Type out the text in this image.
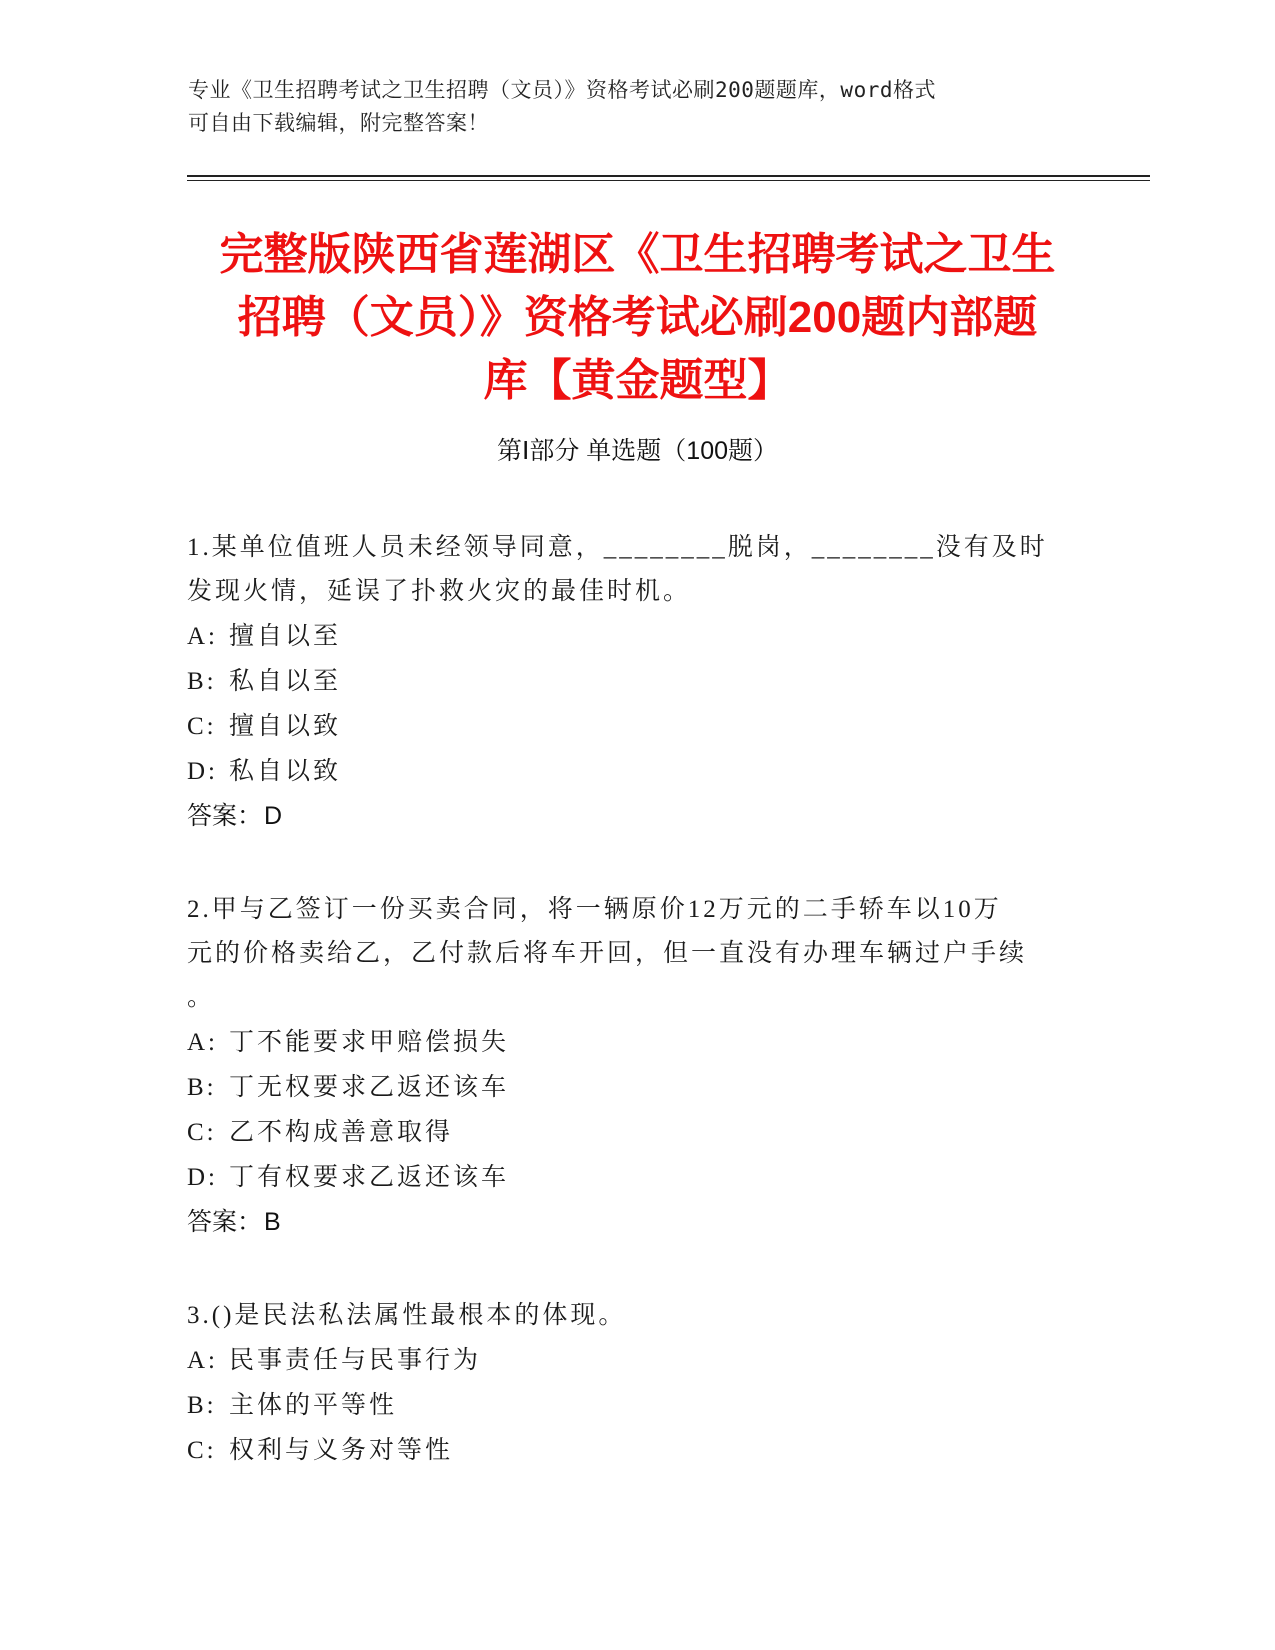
专业《卫生招聘考试之卫生招聘（文员）》资格考试必刷200题题库，word格式
可自由下载编辑，附完整答案！
完整版陕西省莲湖区《卫生招聘考试之卫生
招聘（文员）》资格考试必刷200题内部题
库【黄金题型】
第Ⅰ部分 单选题（100题）
1.某单位值班人员未经领导同意，________脱岗，________没有及时
发现火情，延误了扑救火灾的最佳时机。
A: 擅自以至
B: 私自以至
C: 擅自以致
D: 私自以致
答案：D
2.甲与乙签订一份买卖合同，将一辆原价12万元的二手轿车以10万
元的价格卖给乙，乙付款后将车开回，但一直没有办理车辆过户手续
。
A: 丁不能要求甲赔偿损失
B: 丁无权要求乙返还该车
C: 乙不构成善意取得
D: 丁有权要求乙返还该车
答案：B
3.()是民法私法属性最根本的体现。
A: 民事责任与民事行为
B: 主体的平等性
C: 权利与义务对等性
